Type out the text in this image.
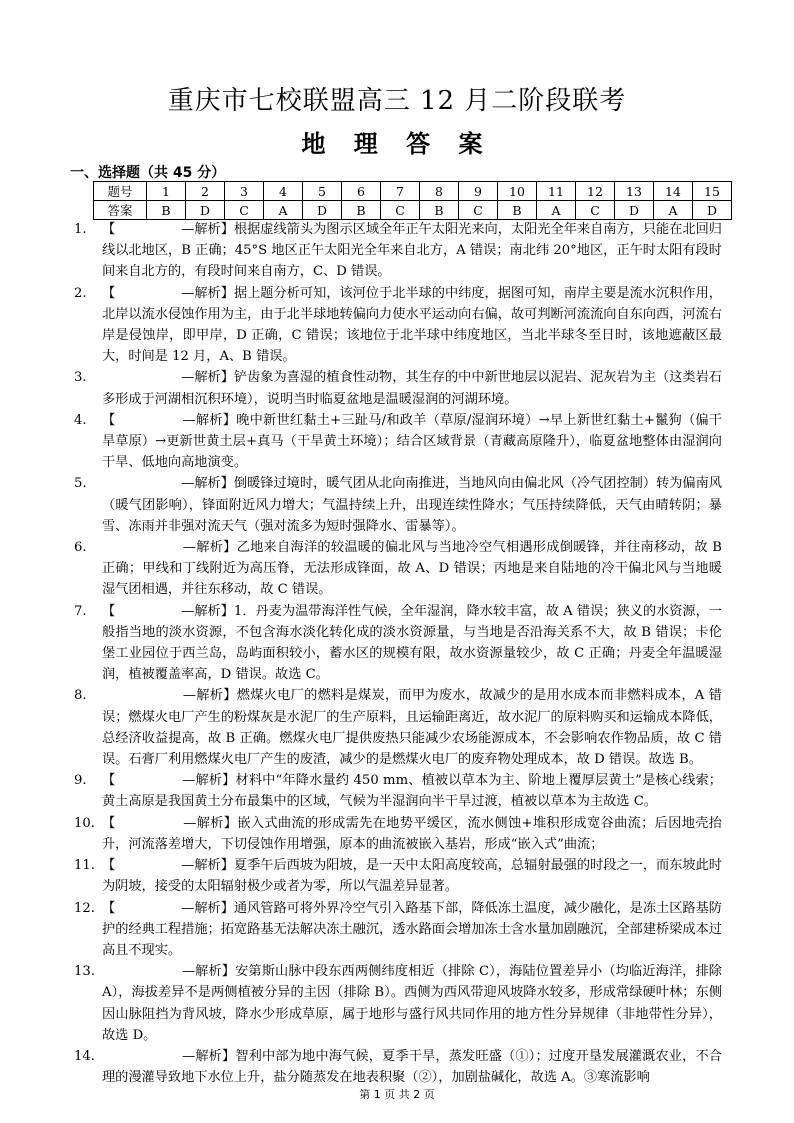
重庆市七校联盟高三 12 月二阶段联考
地 理 答 案
一、选择题（共 45 分）
题号	1	2	3	4	5	6	7	8	9	10	11	12	13	14	15
答案	B	D	C	A	D	B	C	B	C	B	A	C	D	A	D
1. 【　　　　　—解析】根据虚线箭头为图示区域全年正午太阳光来向，太阳光全年来自南方，只能在北回归线以北地区，B 正确；45°S 地区正午太阳光全年来自北方，A 错误；南北纬 20°地区，正午时太阳有段时间来自北方的，有段时间来自南方，C、D 错误。
2. 【　　　　　—解析】据上题分析可知，该河位于北半球的中纬度，据图可知，南岸主要是流水沉积作用，北岸以流水侵蚀作用为主，由于北半球地转偏向力使水平运动向右偏，故可判断河流流向自东向西，河流右岸是侵蚀岸，即甲岸，D 正确，C 错误；该地位于北半球中纬度地区，当北半球冬至日时，该地遮蔽区最大，时间是 12 月，A、B 错误。
3. 　　　　　　—解析】铲齿象为喜湿的植食性动物，其生存的中中新世地层以泥岩、泥灰岩为主（这类岩石多形成于河湖相沉积环境），说明当时临夏盆地是温暖湿润的河湖环境。
4. 【　　　　　—解析】晚中新世红黏土+三趾马/和政羊（草原/湿润环境）→早上新世红黏土+鬣狗（偏干旱草原）→更新世黄土层+真马（干旱黄土环境）；结合区域背景（青藏高原隆升），临夏盆地整体由湿润向干旱、低地向高地演变。
5. 　　　　　　—解析】倒暖锋过境时，暖气团从北向南推进，当地风向由偏北风（冷气团控制）转为偏南风（暖气团影响），锋面附近风力增大；气温持续上升，出现连续性降水；气压持续降低，天气由晴转阴；暴雪、冻雨并非强对流天气（强对流多为短时强降水、雷暴等）。
6. 　　　　　　—解析】乙地来自海洋的较温暖的偏北风与当地冷空气相遇形成倒暖锋，并往南移动，故 B 正确；甲线和丁线附近为高压脊，无法形成锋面，故 A、D 错误；丙地是来自陆地的冷干偏北风与当地暖湿气团相遇，并往东移动，故 C 错误。
7. 【　　　　　—解析】1．丹麦为温带海洋性气候，全年湿润，降水较丰富，故 A 错误；狭义的水资源，一般指当地的淡水资源，不包含海水淡化转化成的淡水资源量，与当地是否沿海关系不大，故 B 错误；卡伦堡工业园位于西兰岛，岛屿面积较小，蓄水区的规模有限，故水资源量较少，故 C 正确；丹麦全年温暖湿润，植被覆盖率高，D 错误。故选 C。
8. 　　　　　　—解析】燃煤火电厂的燃料是煤炭，而甲为废水，故减少的是用水成本而非燃料成本，A 错误；燃煤火电厂产生的粉煤灰是水泥厂的生产原料，且运输距离近，故水泥厂的原料购买和运输成本降低，总经济收益提高，故 B 正确。燃煤火电厂提供废热只能减少农场能源成本，不会影响农作物品质，故 C 错误。石膏厂利用燃煤火电厂产生的废渣，减少的是燃煤火电厂的废弃物处理成本，故 D 错误。故选 B。
9. 【　　　　　—解析】材料中“年降水量约 450 mm、植被以草本为主、阶地上覆厚层黄土”是核心线索；黄土高原是我国黄土分布最集中的区域，气候为半湿润向半干旱过渡，植被以草本为主故选 C。
10. 【　　　　　—解析】嵌入式曲流的形成需先在地势平缓区，流水侧蚀+堆积形成宽谷曲流；后因地壳抬升，河流落差增大，下切侵蚀作用增强，原本的曲流被嵌入基岩，形成“嵌入式”曲流；
11. 【　　　　　—解析】夏季午后西坡为阳坡，是一天中太阳高度较高，总辐射最强的时段之一，而东坡此时为阴坡，接受的太阳辐射极少或者为零，所以气温差异显著。
12. 【　　　　　—解析】通风管路可将外界冷空气引入路基下部，降低冻土温度，减少融化，是冻土区路基防护的经典工程措施；拓宽路基无法解决冻土融沉，透水路面会增加冻土含水量加剧融沉，全部建桥梁成本过高且不现实。
13. 　　　　　　—解析】安第斯山脉中段东西两侧纬度相近（排除 C），海陆位置差异小（均临近海洋，排除 A），海拔差异不是两侧植被分异的主因（排除 B）。西侧为西风带迎风坡降水较多，形成常绿硬叶林；东侧因山脉阻挡为背风坡，降水少形成草原，属于地形与盛行风共同作用的地方性分异规律（非地带性分异），故选 D。
14. 　　　　　　—解析】智利中部为地中海气候，夏季干旱，蒸发旺盛（①）；过度开垦发展灌溉农业，不合理的漫灌导致地下水位上升，盐分随蒸发在地表积聚（②），加剧盐碱化，故选 A。③寒流影响
第 1 页 共 2 页
